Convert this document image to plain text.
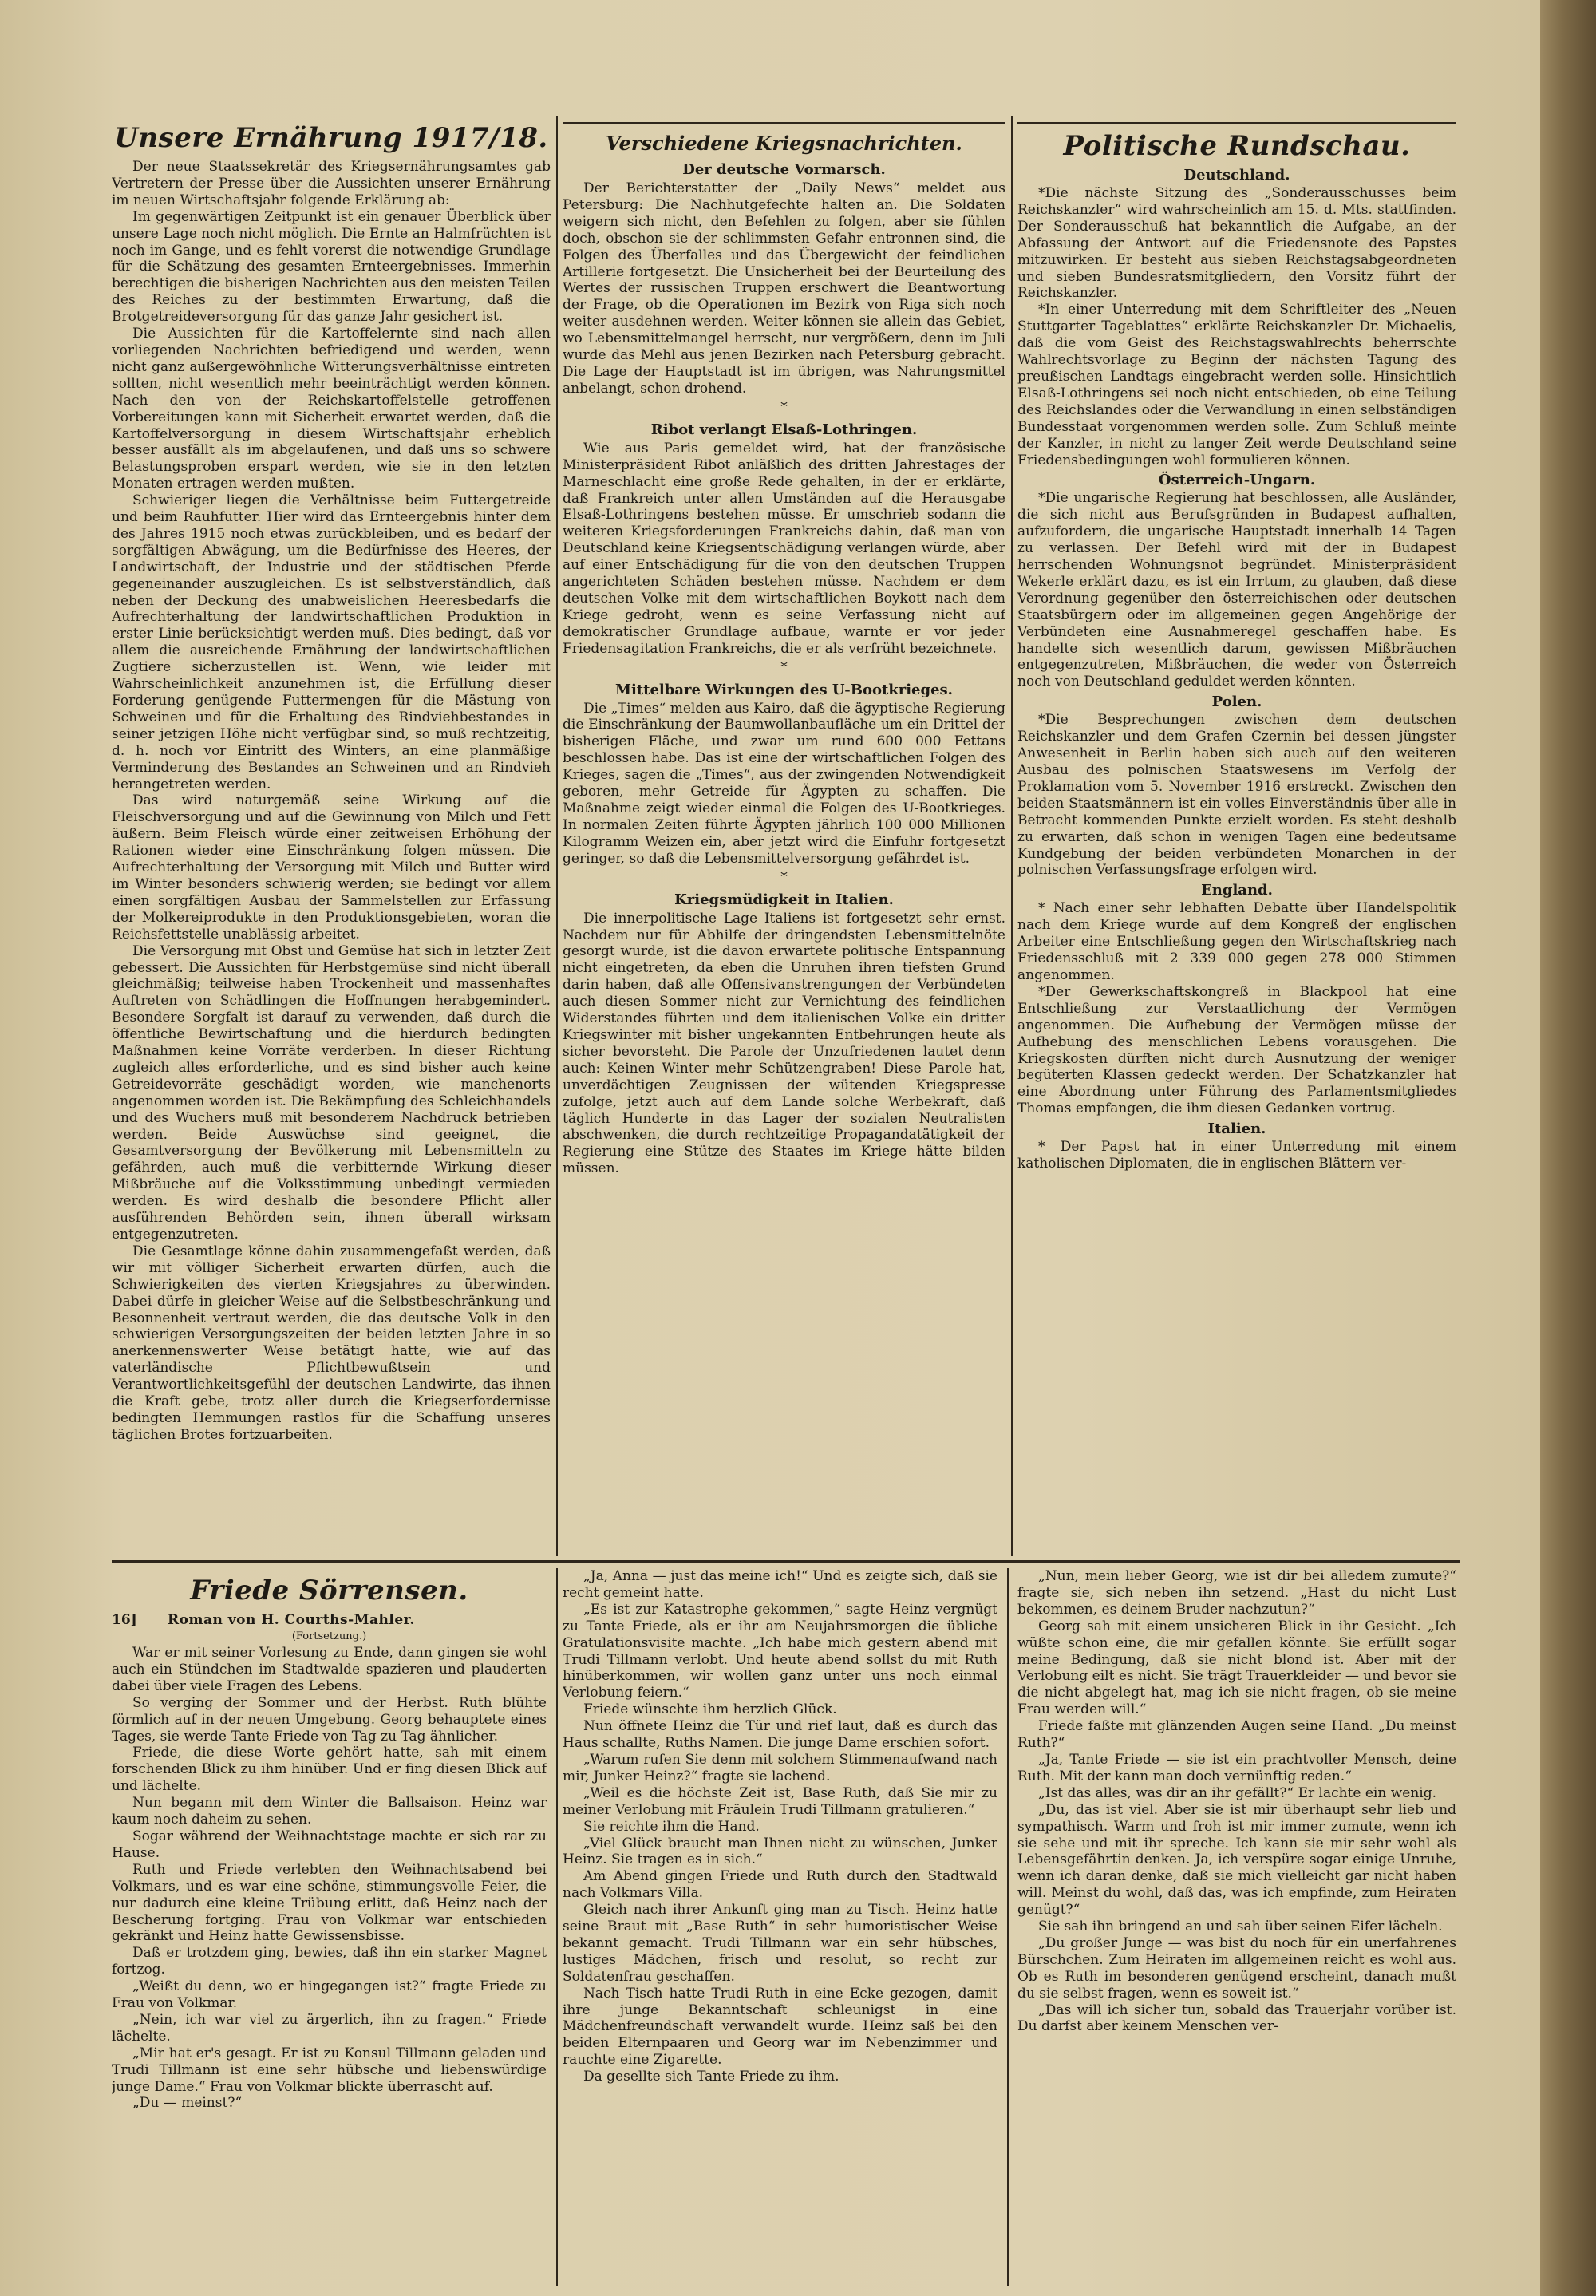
Unsere Ernährung 1917/18.

Der neue Staatssekretär des Kriegsernährungsamtes gab Vertretern der Presse über die Aussichten unserer Ernährung im neuen Wirtschaftsjahr folgende Erklärung ab:

Im gegenwärtigen Zeitpunkt ist ein genauer Überblick über unsere Lage noch nicht möglich. Die Ernte an Halmfrüchten ist noch im Gange, und es fehlt vorerst die notwendige Grundlage für die Schätzung des gesamten Ernteergebnisses. Immerhin berechtigen die bisherigen Nachrichten aus den meisten Teilen des Reiches zu der bestimmten Erwartung, daß die Brotgetreideversorgung für das ganze Jahr gesichert ist.

Die Aussichten für die Kartoffelernte sind nach allen vorliegenden Nachrichten befriedigend und werden, wenn nicht ganz außergewöhnliche Witterungsverhältnisse eintreten sollten, nicht wesentlich mehr beeinträchtigt werden können. Nach den von der Reichskartoffelstelle getroffenen Vorbereitungen kann mit Sicherheit erwartet werden, daß die Kartoffelversorgung in diesem Wirtschaftsjahr erheblich besser ausfällt als im abgelaufenen, und daß uns so schwere Belastungsproben erspart werden, wie sie in den letzten Monaten ertragen werden mußten.

Schwieriger liegen die Verhältnisse beim Futtergetreide und beim Rauhfutter. Hier wird das Ernteergebnis hinter dem des Jahres 1915 noch etwas zurückbleiben, und es bedarf der sorgfältigen Abwägung, um die Bedürfnisse des Heeres, der Landwirtschaft, der Industrie und der städtischen Pferde gegeneinander auszugleichen. Es ist selbstverständlich, daß neben der Deckung des unabweislichen Heeresbedarfs die Aufrechterhaltung der landwirtschaftlichen Produktion in erster Linie berücksichtigt werden muß. Dies bedingt, daß vor allem die ausreichende Ernährung der landwirtschaftlichen Zugtiere sicherzustellen ist. Wenn, wie leider mit Wahrscheinlichkeit anzunehmen ist, die Erfüllung dieser Forderung genügende Futtermengen für die Mästung von Schweinen und für die Erhaltung des Rindviehbestandes in seiner jetzigen Höhe nicht verfügbar sind, so muß rechtzeitig, d. h. noch vor Eintritt des Winters, an eine planmäßige Verminderung des Bestandes an Schweinen und an Rindvieh herangetreten werden.

Das wird naturgemäß seine Wirkung auf die Fleischversorgung und auf die Gewinnung von Milch und Fett äußern. Beim Fleisch würde einer zeitweisen Erhöhung der Rationen wieder eine Einschränkung folgen müssen. Die Aufrechterhaltung der Versorgung mit Milch und Butter wird im Winter besonders schwierig werden; sie bedingt vor allem einen sorgfältigen Ausbau der Sammelstellen zur Erfassung der Molkereiprodukte in den Produktionsgebieten, woran die Reichsfettstelle unablässig arbeitet.

Die Versorgung mit Obst und Gemüse hat sich in letzter Zeit gebessert. Die Aussichten für Herbstgemüse sind nicht überall gleichmäßig; teilweise haben Trockenheit und massenhaftes Auftreten von Schädlingen die Hoffnungen herabgemindert. Besondere Sorgfalt ist darauf zu verwenden, daß durch die öffentliche Bewirtschaftung und die hierdurch bedingten Maßnahmen keine Vorräte verderben. In dieser Richtung zugleich alles erforderliche, und es sind bisher auch keine Getreidevorräte geschädigt worden, wie manchenorts angenommen worden ist. Die Bekämpfung des Schleichhandels und des Wuchers muß mit besonderem Nachdruck betrieben werden. Beide Auswüchse sind geeignet, die Gesamtversorgung der Bevölkerung mit Lebensmitteln zu gefährden, auch muß die verbitternde Wirkung dieser Mißbräuche auf die Volksstimmung unbedingt vermieden werden. Es wird deshalb die besondere Pflicht aller ausführenden Behörden sein, ihnen überall wirksam entgegenzutreten.

Die Gesamtlage könne dahin zusammengefaßt werden, daß wir mit völliger Sicherheit erwarten dürfen, auch die Schwierigkeiten des vierten Kriegsjahres zu überwinden. Dabei dürfe in gleicher Weise auf die Selbstbeschränkung und Besonnenheit vertraut werden, die das deutsche Volk in den schwierigen Versorgungszeiten der beiden letzten Jahre in so anerkennenswerter Weise betätigt hatte, wie auf das vaterländische Pflichtbewußtsein und Verantwortlichkeitsgefühl der deutschen Landwirte, das ihnen die Kraft gebe, trotz aller durch die Kriegserfordernisse bedingten Hemmungen rastlos für die Schaffung unseres täglichen Brotes fortzuarbeiten.

Verschiedene Kriegsnachrichten.
Der deutsche Vormarsch.

Der Berichterstatter der „Daily News“ meldet aus Petersburg: Die Nachhutgefechte halten an. Die Soldaten weigern sich nicht, den Befehlen zu folgen, aber sie fühlen doch, obschon sie der schlimmsten Gefahr entronnen sind, die Folgen des Überfalles und das Übergewicht der feindlichen Artillerie fortgesetzt. Die Unsicherheit bei der Beurteilung des Wertes der russischen Truppen erschwert die Beantwortung der Frage, ob die Operationen im Bezirk von Riga sich noch weiter ausdehnen werden. Weiter können sie allein das Gebiet, wo Lebensmittelmangel herrscht, nur vergrößern, denn im Juli wurde das Mehl aus jenen Bezirken nach Petersburg gebracht. Die Lage der Hauptstadt ist im übrigen, was Nahrungsmittel anbelangt, schon drohend.

*
Ribot verlangt Elsaß-Lothringen.

Wie aus Paris gemeldet wird, hat der französische Ministerpräsident Ribot anläßlich des dritten Jahrestages der Marneschlacht eine große Rede gehalten, in der er erklärte, daß Frankreich unter allen Umständen auf die Herausgabe Elsaß-Lothringens bestehen müsse. Er umschrieb sodann die weiteren Kriegsforderungen Frankreichs dahin, daß man von Deutschland keine Kriegsentschädigung verlangen würde, aber auf einer Entschädigung für die von den deutschen Truppen angerichteten Schäden bestehen müsse. Nachdem er dem deutschen Volke mit dem wirtschaftlichen Boykott nach dem Kriege gedroht, wenn es seine Verfassung nicht auf demokratischer Grundlage aufbaue, warnte er vor jeder Friedensagitation Frankreichs, die er als verfrüht bezeichnete.

*
Mittelbare Wirkungen des U-Bootkrieges.

Die „Times“ melden aus Kairo, daß die ägyptische Regierung die Einschränkung der Baumwollanbaufläche um ein Drittel der bisherigen Fläche, und zwar um rund 600 000 Fettans beschlossen habe. Das ist eine der wirtschaftlichen Folgen des Krieges, sagen die „Times“, aus der zwingenden Notwendigkeit geboren, mehr Getreide für Ägypten zu schaffen. Die Maßnahme zeigt wieder einmal die Folgen des U-Bootkrieges. In normalen Zeiten führte Ägypten jährlich 100 000 Millionen Kilogramm Weizen ein, aber jetzt wird die Einfuhr fortgesetzt geringer, so daß die Lebensmittelversorgung gefährdet ist.

*
Kriegsmüdigkeit in Italien.

Die innerpolitische Lage Italiens ist fortgesetzt sehr ernst. Nachdem nur für Abhilfe der dringendsten Lebensmittelnöte gesorgt wurde, ist die davon erwartete politische Entspannung nicht eingetreten, da eben die Unruhen ihren tiefsten Grund darin haben, daß alle Offensivanstrengungen der Verbündeten auch diesen Sommer nicht zur Vernichtung des feindlichen Widerstandes führten und dem italienischen Volke ein dritter Kriegswinter mit bisher ungekannten Entbehrungen heute als sicher bevorsteht. Die Parole der Unzufriedenen lautet denn auch: Keinen Winter mehr Schützengraben! Diese Parole hat, unverdächtigen Zeugnissen der wütenden Kriegspresse zufolge, jetzt auch auf dem Lande solche Werbekraft, daß täglich Hunderte in das Lager der sozialen Neutralisten abschwenken, die durch rechtzeitige Propagandatätigkeit der Regierung eine Stütze des Staates im Kriege hätte bilden müssen.

Politische Rundschau.
Deutschland.

*Die nächste Sitzung des „Sonderausschusses beim Reichskanzler“ wird wahrscheinlich am 15. d. Mts. stattfinden. Der Sonderausschuß hat bekanntlich die Aufgabe, an der Abfassung der Antwort auf die Friedensnote des Papstes mitzuwirken. Er besteht aus sieben Reichstagsabgeordneten und sieben Bundesratsmitgliedern, den Vorsitz führt der Reichskanzler.

*In einer Unterredung mit dem Schriftleiter des „Neuen Stuttgarter Tageblattes“ erklärte Reichskanzler Dr. Michaelis, daß die vom Geist des Reichstagswahlrechts beherrschte Wahlrechtsvorlage zu Beginn der nächsten Tagung des preußischen Landtags eingebracht werden solle. Hinsichtlich Elsaß-Lothringens sei noch nicht entschieden, ob eine Teilung des Reichslandes oder die Verwandlung in einen selbständigen Bundesstaat vorgenommen werden solle. Zum Schluß meinte der Kanzler, in nicht zu langer Zeit werde Deutschland seine Friedensbedingungen wohl formulieren können.

Österreich-Ungarn.

*Die ungarische Regierung hat beschlossen, alle Ausländer, die sich nicht aus Berufsgründen in Budapest aufhalten, aufzufordern, die ungarische Hauptstadt innerhalb 14 Tagen zu verlassen. Der Befehl wird mit der in Budapest herrschenden Wohnungsnot begründet. Ministerpräsident Wekerle erklärt dazu, es ist ein Irrtum, zu glauben, daß diese Verordnung gegenüber den österreichischen oder deutschen Staatsbürgern oder im allgemeinen gegen Angehörige der Verbündeten eine Ausnahmeregel geschaffen habe. Es handelte sich wesentlich darum, gewissen Mißbräuchen entgegenzutreten, Mißbräuchen, die weder von Österreich noch von Deutschland geduldet werden könnten.

Polen.

*Die Besprechungen zwischen dem deutschen Reichskanzler und dem Grafen Czernin bei dessen jüngster Anwesenheit in Berlin haben sich auch auf den weiteren Ausbau des polnischen Staatswesens im Verfolg der Proklamation vom 5. November 1916 erstreckt. Zwischen den beiden Staatsmännern ist ein volles Einverständnis über alle in Betracht kommenden Punkte erzielt worden. Es steht deshalb zu erwarten, daß schon in wenigen Tagen eine bedeutsame Kundgebung der beiden verbündeten Monarchen in der polnischen Verfassungsfrage erfolgen wird.

England.

* Nach einer sehr lebhaften Debatte über Handelspolitik nach dem Kriege wurde auf dem Kongreß der englischen Arbeiter eine Entschließung gegen den Wirtschaftskrieg nach Friedensschluß mit 2 339 000 gegen 278 000 Stimmen angenommen.

*Der Gewerkschaftskongreß in Blackpool hat eine Entschließung zur Verstaatlichung der Vermögen angenommen. Die Aufhebung der Vermögen müsse der Aufhebung des menschlichen Lebens vorausgehen. Die Kriegskosten dürften nicht durch Ausnutzung der weniger begüterten Klassen gedeckt werden. Der Schatzkanzler hat eine Abordnung unter Führung des Parlamentsmitgliedes Thomas empfangen, die ihm diesen Gedanken vortrug.

Italien.

* Der Papst hat in einer Unterredung mit einem katholischen Diplomaten, die in englischen Blättern ver-

Friede Sörrensen.
16] Roman von H. Courths-Mahler.
(Fortsetzung.)

War er mit seiner Vorlesung zu Ende, dann gingen sie wohl auch ein Stündchen im Stadtwalde spazieren und plauderten dabei über viele Fragen des Lebens.

So verging der Sommer und der Herbst. Ruth blühte förmlich auf in der neuen Umgebung. Georg behauptete eines Tages, sie werde Tante Friede von Tag zu Tag ähnlicher.

Friede, die diese Worte gehört hatte, sah mit einem forschenden Blick zu ihm hinüber. Und er fing diesen Blick auf und lächelte.

Nun begann mit dem Winter die Ballsaison. Heinz war kaum noch daheim zu sehen.

Sogar während der Weihnachtstage machte er sich rar zu Hause.

Ruth und Friede verlebten den Weihnachtsabend bei Volkmars, und es war eine schöne, stimmungsvolle Feier, die nur dadurch eine kleine Trübung erlitt, daß Heinz nach der Bescherung fortging. Frau von Volkmar war entschieden gekränkt und Heinz hatte Gewissensbisse.

Daß er trotzdem ging, bewies, daß ihn ein starker Magnet fortzog.

„Weißt du denn, wo er hingegangen ist?“ fragte Friede zu Frau von Volkmar.

„Nein, ich war viel zu ärgerlich, ihn zu fragen.“ Friede lächelte.

„Mir hat er's gesagt. Er ist zu Konsul Tillmann geladen und Trudi Tillmann ist eine sehr hübsche und liebenswürdige junge Dame.“ Frau von Volkmar blickte überrascht auf.

„Du — meinst?“

„Ja, Anna — just das meine ich!“ Und es zeigte sich, daß sie recht gemeint hatte.

„Es ist zur Katastrophe gekommen,“ sagte Heinz vergnügt zu Tante Friede, als er ihr am Neujahrsmorgen die übliche Gratulationsvisite machte. „Ich habe mich gestern abend mit Trudi Tillmann verlobt. Und heute abend sollst du mit Ruth hinüberkommen, wir wollen ganz unter uns noch einmal Verlobung feiern.“

Friede wünschte ihm herzlich Glück.

Nun öffnete Heinz die Tür und rief laut, daß es durch das Haus schallte, Ruths Namen. Die junge Dame erschien sofort.

„Warum rufen Sie denn mit solchem Stimmenaufwand nach mir, Junker Heinz?“ fragte sie lachend.

„Weil es die höchste Zeit ist, Base Ruth, daß Sie mir zu meiner Verlobung mit Fräulein Trudi Tillmann gratulieren.“

Sie reichte ihm die Hand.

„Viel Glück braucht man Ihnen nicht zu wünschen, Junker Heinz. Sie tragen es in sich.“

Am Abend gingen Friede und Ruth durch den Stadtwald nach Volkmars Villa.

Gleich nach ihrer Ankunft ging man zu Tisch. Heinz hatte seine Braut mit „Base Ruth“ in sehr humoristischer Weise bekannt gemacht. Trudi Tillmann war ein sehr hübsches, lustiges Mädchen, frisch und resolut, so recht zur Soldatenfrau geschaffen.

Nach Tisch hatte Trudi Ruth in eine Ecke gezogen, damit ihre junge Bekanntschaft schleunigst in eine Mädchenfreundschaft verwandelt wurde. Heinz saß bei den beiden Elternpaaren und Georg war im Nebenzimmer und rauchte eine Zigarette.

Da gesellte sich Tante Friede zu ihm.

„Nun, mein lieber Georg, wie ist dir bei alledem zumute?“ fragte sie, sich neben ihn setzend. „Hast du nicht Lust bekommen, es deinem Bruder nachzutun?“

Georg sah mit einem unsicheren Blick in ihr Gesicht. „Ich wüßte schon eine, die mir gefallen könnte. Sie erfüllt sogar meine Bedingung, daß sie nicht blond ist. Aber mit der Verlobung eilt es nicht. Sie trägt Trauerkleider — und bevor sie die nicht abgelegt hat, mag ich sie nicht fragen, ob sie meine Frau werden will.“

Friede faßte mit glänzenden Augen seine Hand. „Du meinst Ruth?“

„Ja, Tante Friede — sie ist ein prachtvoller Mensch, deine Ruth. Mit der kann man doch vernünftig reden.“

„Ist das alles, was dir an ihr gefällt?“ Er lachte ein wenig.

„Du, das ist viel. Aber sie ist mir überhaupt sehr lieb und sympathisch. Warm und froh ist mir immer zumute, wenn ich sie sehe und mit ihr spreche. Ich kann sie mir sehr wohl als Lebensgefährtin denken. Ja, ich verspüre sogar einige Unruhe, wenn ich daran denke, daß sie mich vielleicht gar nicht haben will. Meinst du wohl, daß das, was ich empfinde, zum Heiraten genügt?“

Sie sah ihn bringend an und sah über seinen Eifer lächeln.

„Du großer Junge — was bist du noch für ein unerfahrenes Bürschchen. Zum Heiraten im allgemeinen reicht es wohl aus. Ob es Ruth im besonderen genügend erscheint, danach mußt du sie selbst fragen, wenn es soweit ist.“

„Das will ich sicher tun, sobald das Trauerjahr vorüber ist. Du darfst aber keinem Menschen ver-
